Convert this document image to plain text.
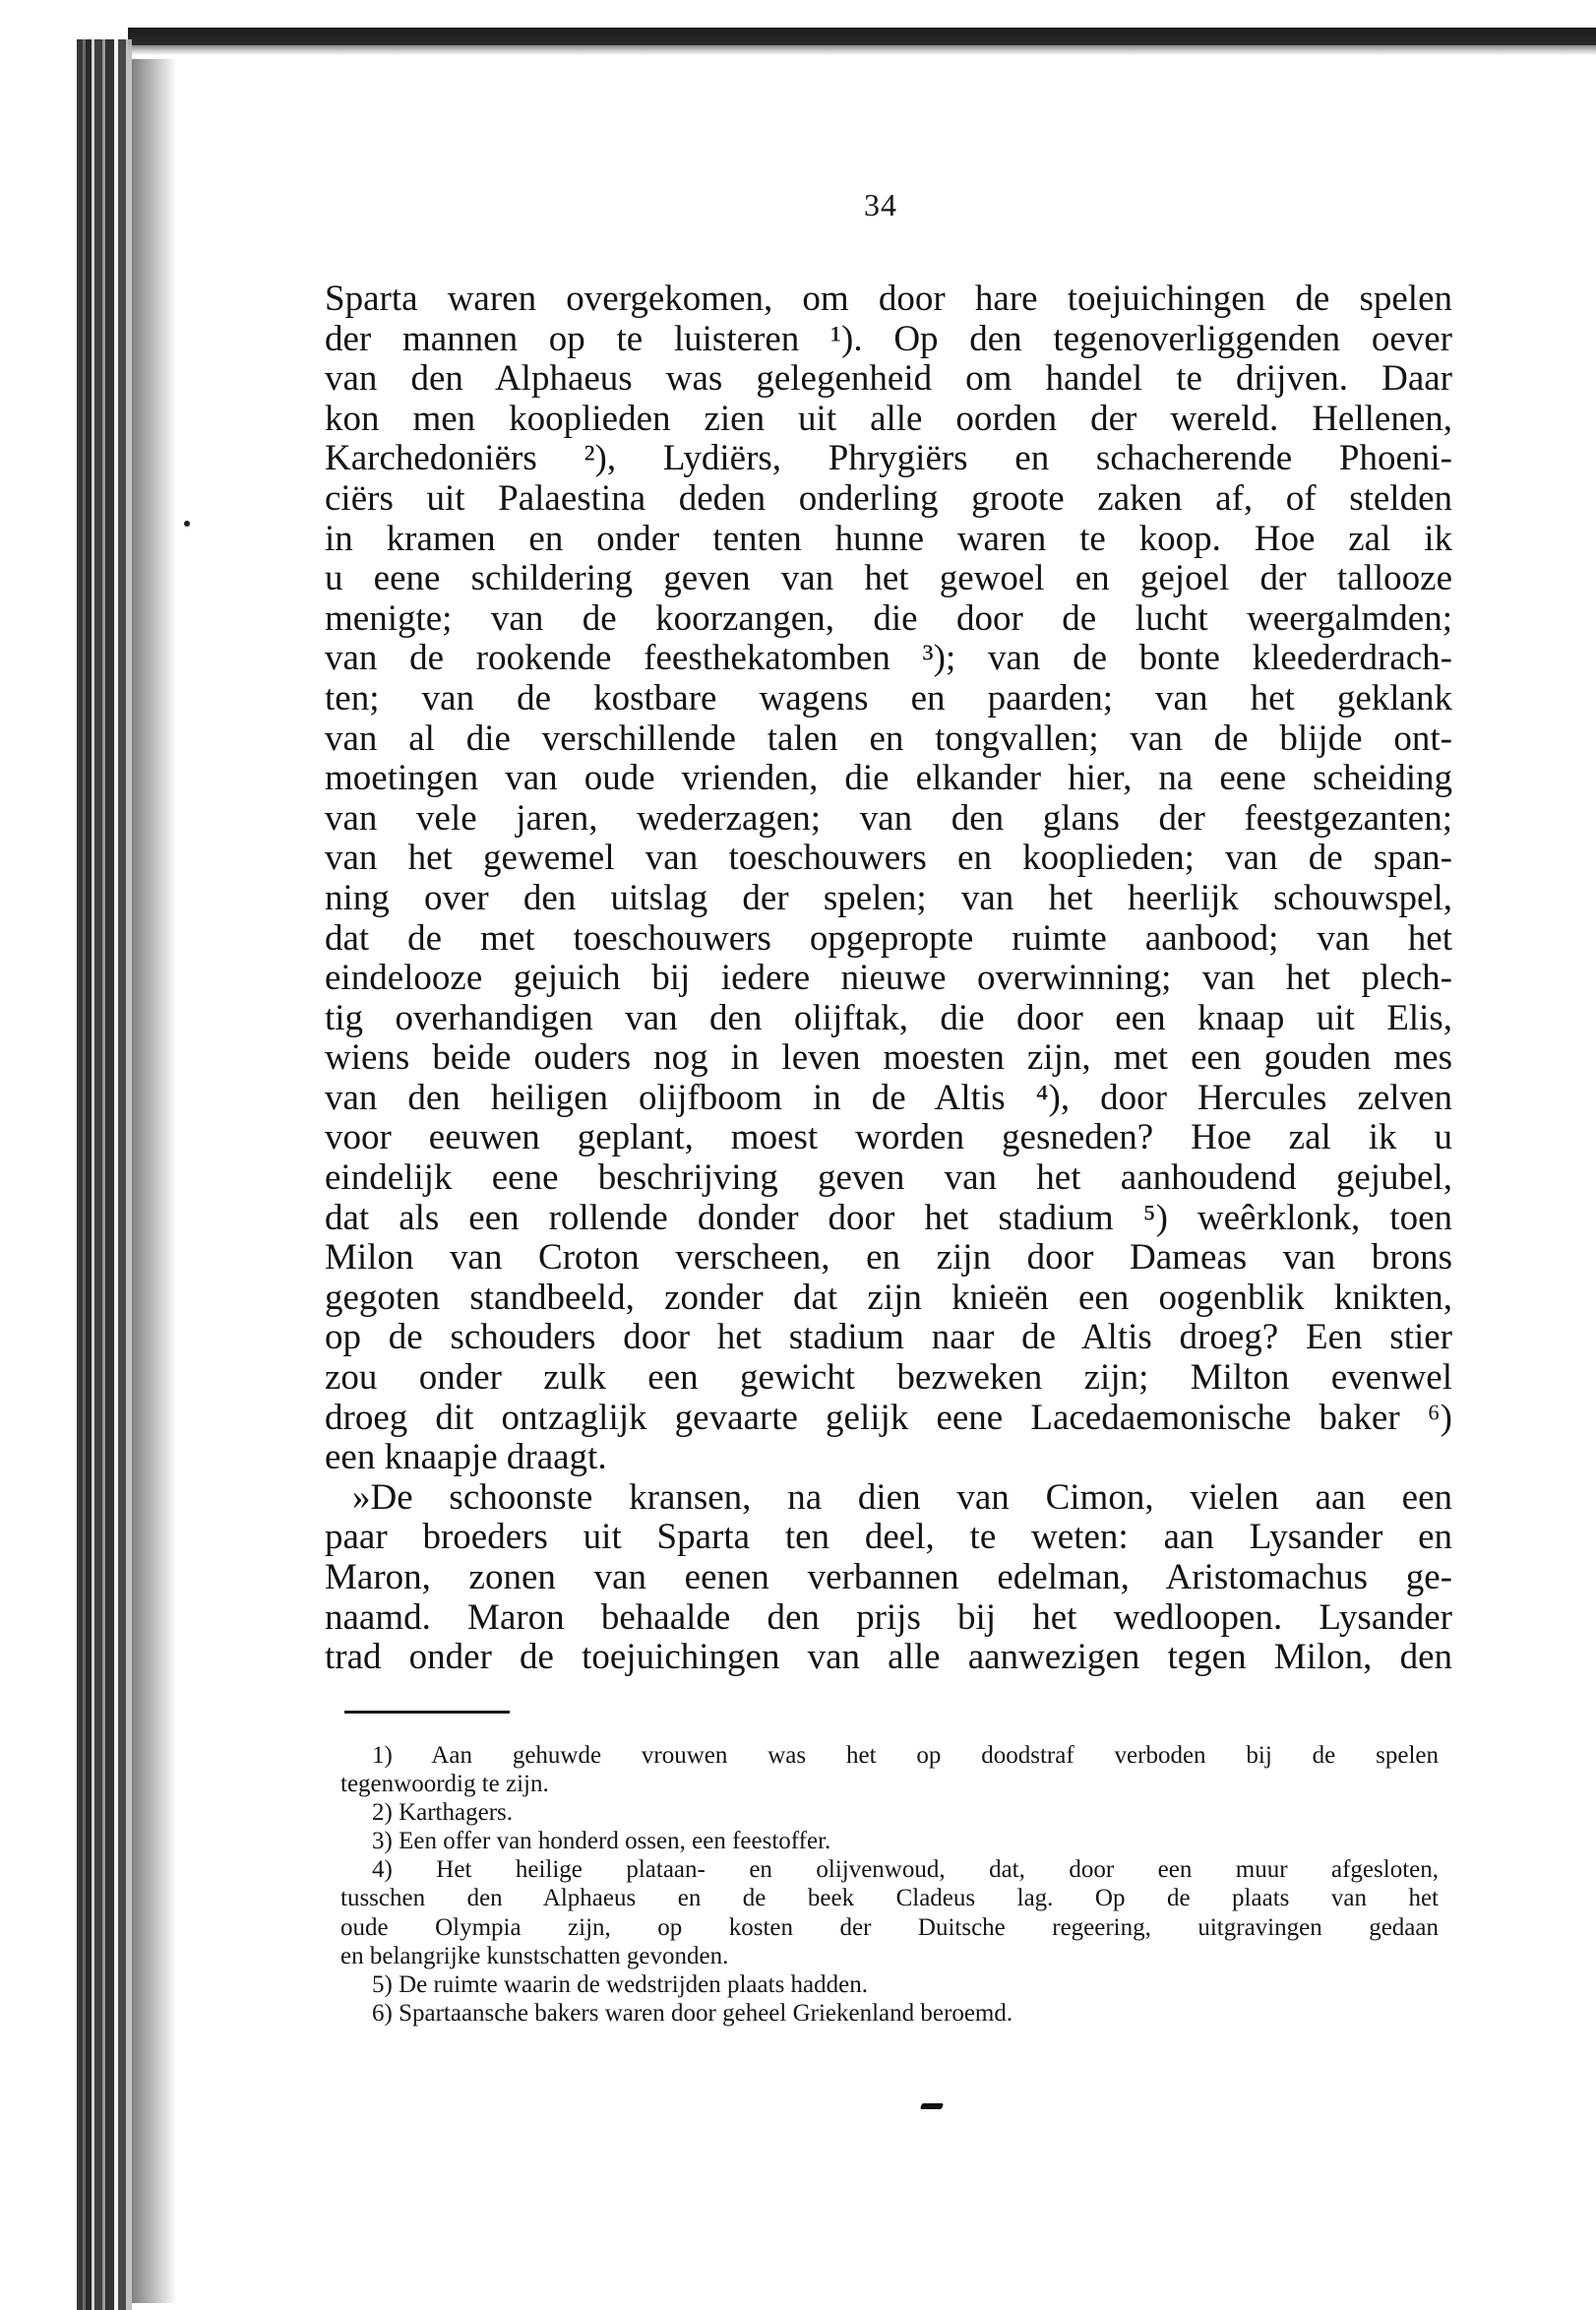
34
Sparta waren overgekomen, om door hare toejuichingen de spelen
der mannen op te luisteren ¹). Op den tegenoverliggenden oever
van den Alphaeus was gelegenheid om handel te drijven. Daar
kon men kooplieden zien uit alle oorden der wereld. Hellenen,
Karchedoniërs ²), Lydiërs, Phrygiërs en schacherende Phoeni-
ciërs uit Palaestina deden onderling groote zaken af, of stelden
in kramen en onder tenten hunne waren te koop. Hoe zal ik
u eene schildering geven van het gewoel en gejoel der tallooze
menigte; van de koorzangen, die door de lucht weergalmden;
van de rookende feesthekatomben ³); van de bonte kleederdrach-
ten; van de kostbare wagens en paarden; van het geklank
van al die verschillende talen en tongvallen; van de blijde ont-
moetingen van oude vrienden, die elkander hier, na eene scheiding
van vele jaren, wederzagen; van den glans der feestgezanten;
van het gewemel van toeschouwers en kooplieden; van de span-
ning over den uitslag der spelen; van het heerlijk schouwspel,
dat de met toeschouwers opgepropte ruimte aanbood; van het
eindelooze gejuich bij iedere nieuwe overwinning; van het plech-
tig overhandigen van den olijftak, die door een knaap uit Elis,
wiens beide ouders nog in leven moesten zijn, met een gouden mes
van den heiligen olijfboom in de Altis ⁴), door Hercules zelven
voor eeuwen geplant, moest worden gesneden? Hoe zal ik u
eindelijk eene beschrijving geven van het aanhoudend gejubel,
dat als een rollende donder door het stadium ⁵) weêrklonk, toen
Milon van Croton verscheen, en zijn door Dameas van brons
gegoten standbeeld, zonder dat zijn knieën een oogenblik knikten,
op de schouders door het stadium naar de Altis droeg? Een stier
zou onder zulk een gewicht bezweken zijn; Milton evenwel
droeg dit ontzaglijk gevaarte gelijk eene Lacedaemonische baker ⁶)
een knaapje draagt.
»De schoonste kransen, na dien van Cimon, vielen aan een
paar broeders uit Sparta ten deel, te weten: aan Lysander en
Maron, zonen van eenen verbannen edelman, Aristomachus ge-
naamd. Maron behaalde den prijs bij het wedloopen. Lysander
trad onder de toejuichingen van alle aanwezigen tegen Milon, den
1) Aan gehuwde vrouwen was het op doodstraf verboden bij de spelen
tegenwoordig te zijn.
2) Karthagers.
3) Een offer van honderd ossen, een feestoffer.
4) Het heilige plataan- en olijvenwoud, dat, door een muur afgesloten,
tusschen den Alphaeus en de beek Cladeus lag. Op de plaats van het
oude Olympia zijn, op kosten der Duitsche regeering, uitgravingen gedaan
en belangrijke kunstschatten gevonden.
5) De ruimte waarin de wedstrijden plaats hadden.
6) Spartaansche bakers waren door geheel Griekenland beroemd.
